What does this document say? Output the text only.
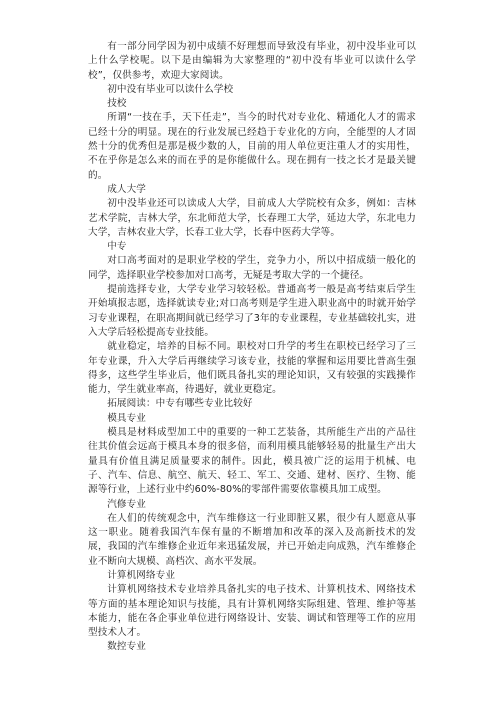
有一部分同学因为初中成绩不好理想而导致没有毕业，初中没毕业可以上什么学校呢。以下是由编辑为大家整理的“初中没有毕业可以读什么学校”，仅供参考，欢迎大家阅读。

初中没有毕业可以读什么学校

技校

所谓“一技在手，天下任走”，当今的时代对专业化、精通化人才的需求已经十分的明显。现在的行业发展已经趋于专业化的方向，全能型的人才固然十分的优秀但是那是极少数的人，目前的用人单位更注重人才的实用性，不在乎你是怎么来的而在乎的是你能做什么。现在拥有一技之长才是最关键的。

成人大学

初中没毕业还可以读成人大学，目前成人大学院校有众多，例如：吉林艺术学院，吉林大学，东北师范大学，长春理工大学，延边大学，东北电力大学，吉林农业大学，长春工业大学，长春中医药大学等。

中专

对口高考面对的是职业学校的学生，竞争力小，所以中招成绩一般化的同学，选择职业学校参加对口高考，无疑是考取大学的一个捷径。

提前选择专业，大学专业学习较轻松。普通高考一般是高考结束后学生开始填报志愿，选择就读专业;对口高考则是学生进入职业高中的时就开始学习专业课程，在职高期间就已经学习了3年的专业课程，专业基础较扎实，进入大学后轻松提高专业技能。

就业稳定，培养的目标不同。职校对口升学的考生在职校已经学习了三年专业课，升入大学后再继续学习该专业，技能的掌握和运用要比普高生强得多，这些学生毕业后，他们既具备扎实的理论知识，又有较强的实践操作能力，学生就业率高，待遇好，就业更稳定。

拓展阅读：中专有哪些专业比较好

模具专业

模具是材料成型加工中的重要的一种工艺装备，其所能生产出的产品往往其价值会远高于模具本身的很多倍，而利用模具能够轻易的批量生产出大量具有价值且满足质量要求的制件。因此，模具被广泛的运用于机械、电子、汽车、信息、航空、航天、轻工、军工、交通、建材、医疗、生物、能源等行业，上述行业中约60%-80%的零部件需要依靠模具加工成型。

汽修专业

在人们的传统观念中，汽车维修这一行业即脏又累，很少有人愿意从事这一职业。随着我国汽车保有量的不断增加和改革的深入及高新技术的发展，我国的汽车维修企业近年来迅猛发展，并已开始走向成熟，汽车维修企业不断向大规模、高档次、高水平发展。

计算机网络专业

计算机网络技术专业培养具备扎实的电子技术、计算机技术、网络技术等方面的基本理论知识与技能，具有计算机网络实际组建、管理、维护等基本能力，能在各企事业单位进行网络设计、安装、调试和管理等工作的应用型技术人才。

数控专业
